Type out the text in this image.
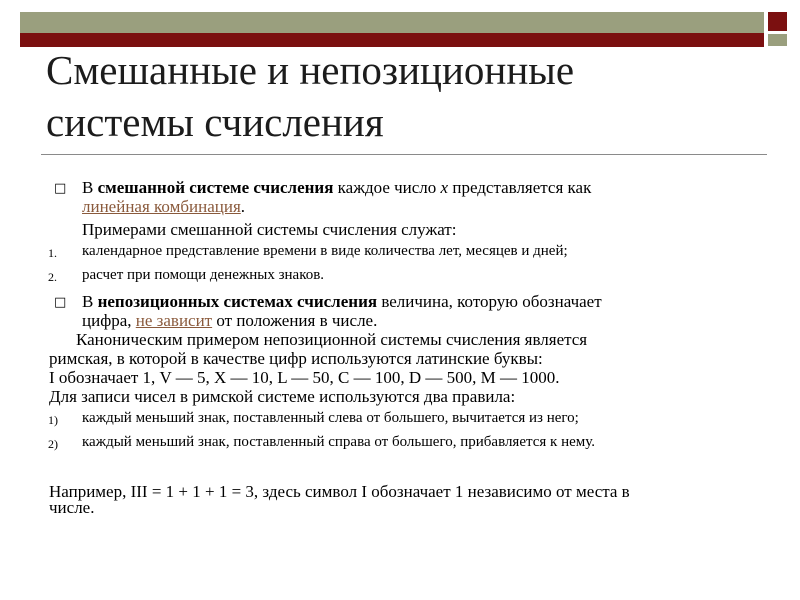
Смешанные и непозиционные
системы счисления
□ В смешанной системе счисления каждое число x представляется как
линейная комбинация.
Примерами смешанной системы счисления служат:
1. календарное представление времени в виде количества лет, месяцев и дней;
2. расчет при помощи денежных знаков.
□ В непозиционных системах счисления величина, которую обозначает
цифра, не зависит от положения в числе.
Каноническим примером непозиционной системы счисления является
римская, в которой в качестве цифр используются латинские буквы:
I обозначает 1, V — 5, X — 10, L — 50, C — 100, D — 500, M — 1000.
Для записи чисел в римской системе используются два правила:
1) каждый меньший знак, поставленный слева от большего, вычитается из него;
2) каждый меньший знак, поставленный справа от большего, прибавляется к нему.
Например, III = 1 + 1 + 1 = 3, здесь символ I обозначает 1 независимо от места в
числе.
